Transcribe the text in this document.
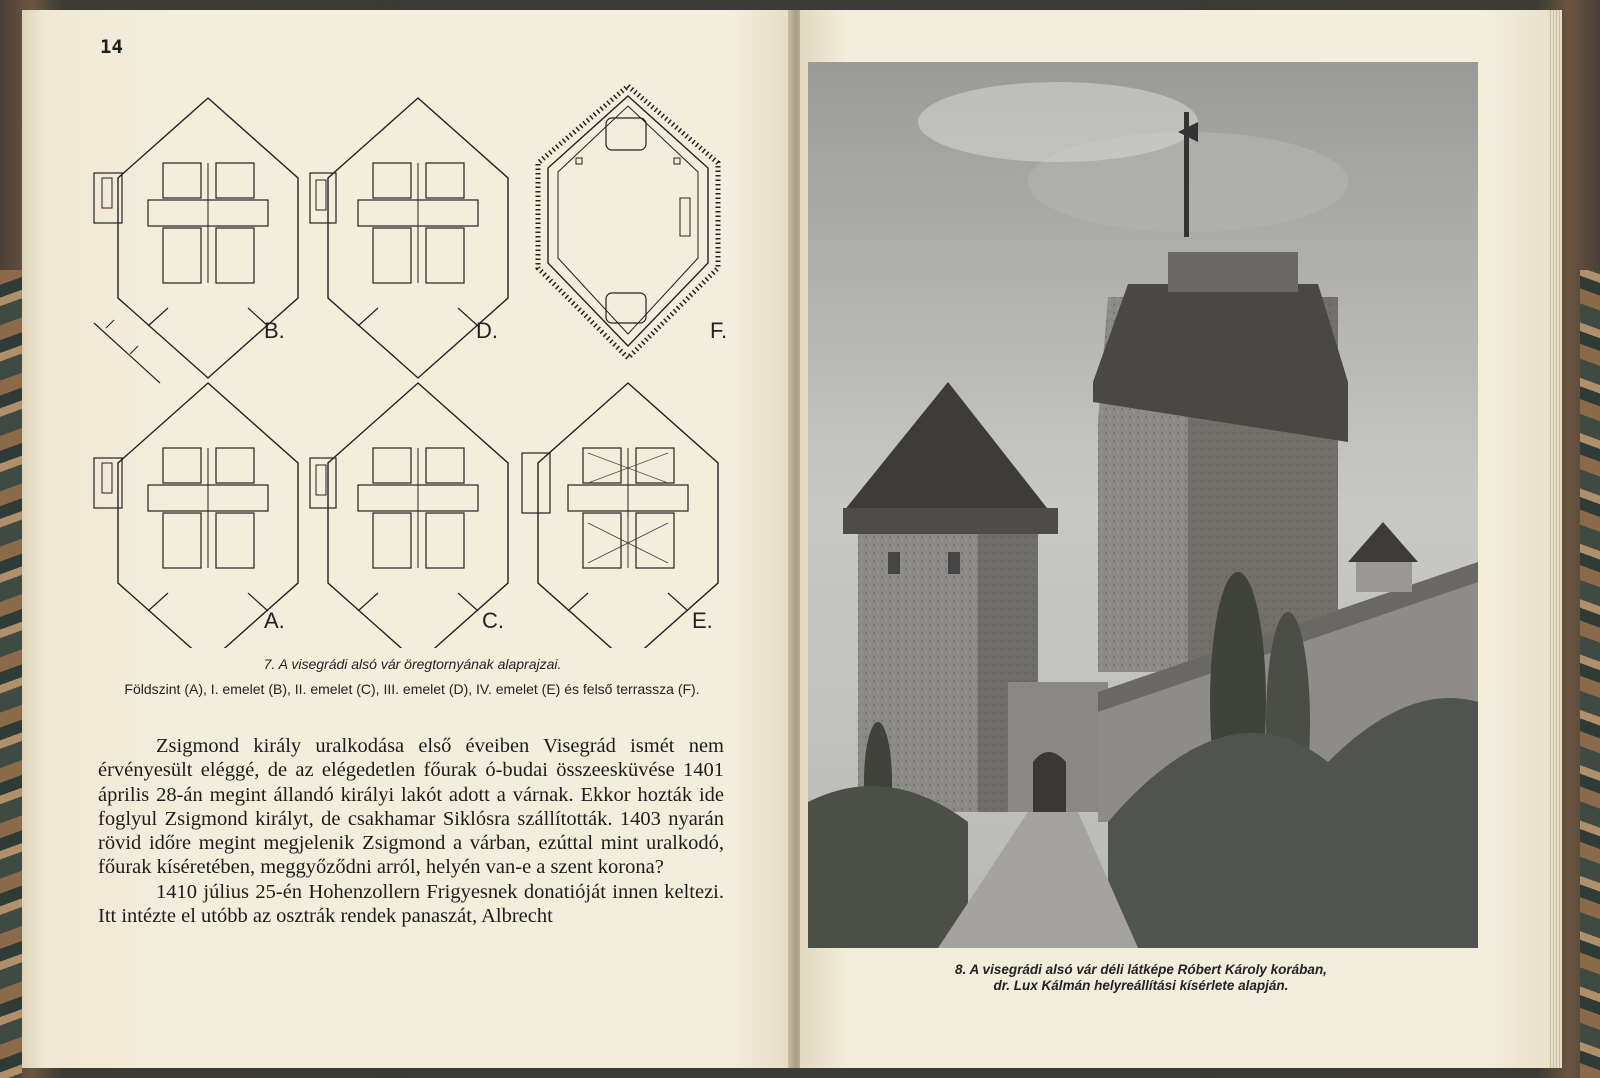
14
B.	D.	F.
A.	C.	E.
7. A visegrádi alsó vár öregtornyának alaprajzai.
Földszint (A), I. emelet (B), II. emelet (C), III. emelet (D), IV. emelet (E) és felső terrassza (F).

Zsigmond király uralkodása első éveiben Visegrád ismét nem érvényesült eléggé, de az elégedetlen főurak ó-budai összeesküvése 1401 április 28-án megint állandó királyi lakót adott a várnak. Ekkor hozták ide foglyul Zsigmond királyt, de csakhamar Siklósra szállították. 1403 nyarán rövid időre megint megjelenik Zsigmond a várban, ezúttal mint uralkodó, főurak kíséretében, meggyőződni arról, helyén van-e a szent korona?

1410 július 25-én Hohenzollern Frigyesnek donatióját innen keltezi. Itt intézte el utóbb az osztrák rendek panaszát, Albrecht

8. A visegrádi alsó vár déli látképe Róbert Károly korában,
dr. Lux Kálmán helyreállítási kísérlete alapján.
